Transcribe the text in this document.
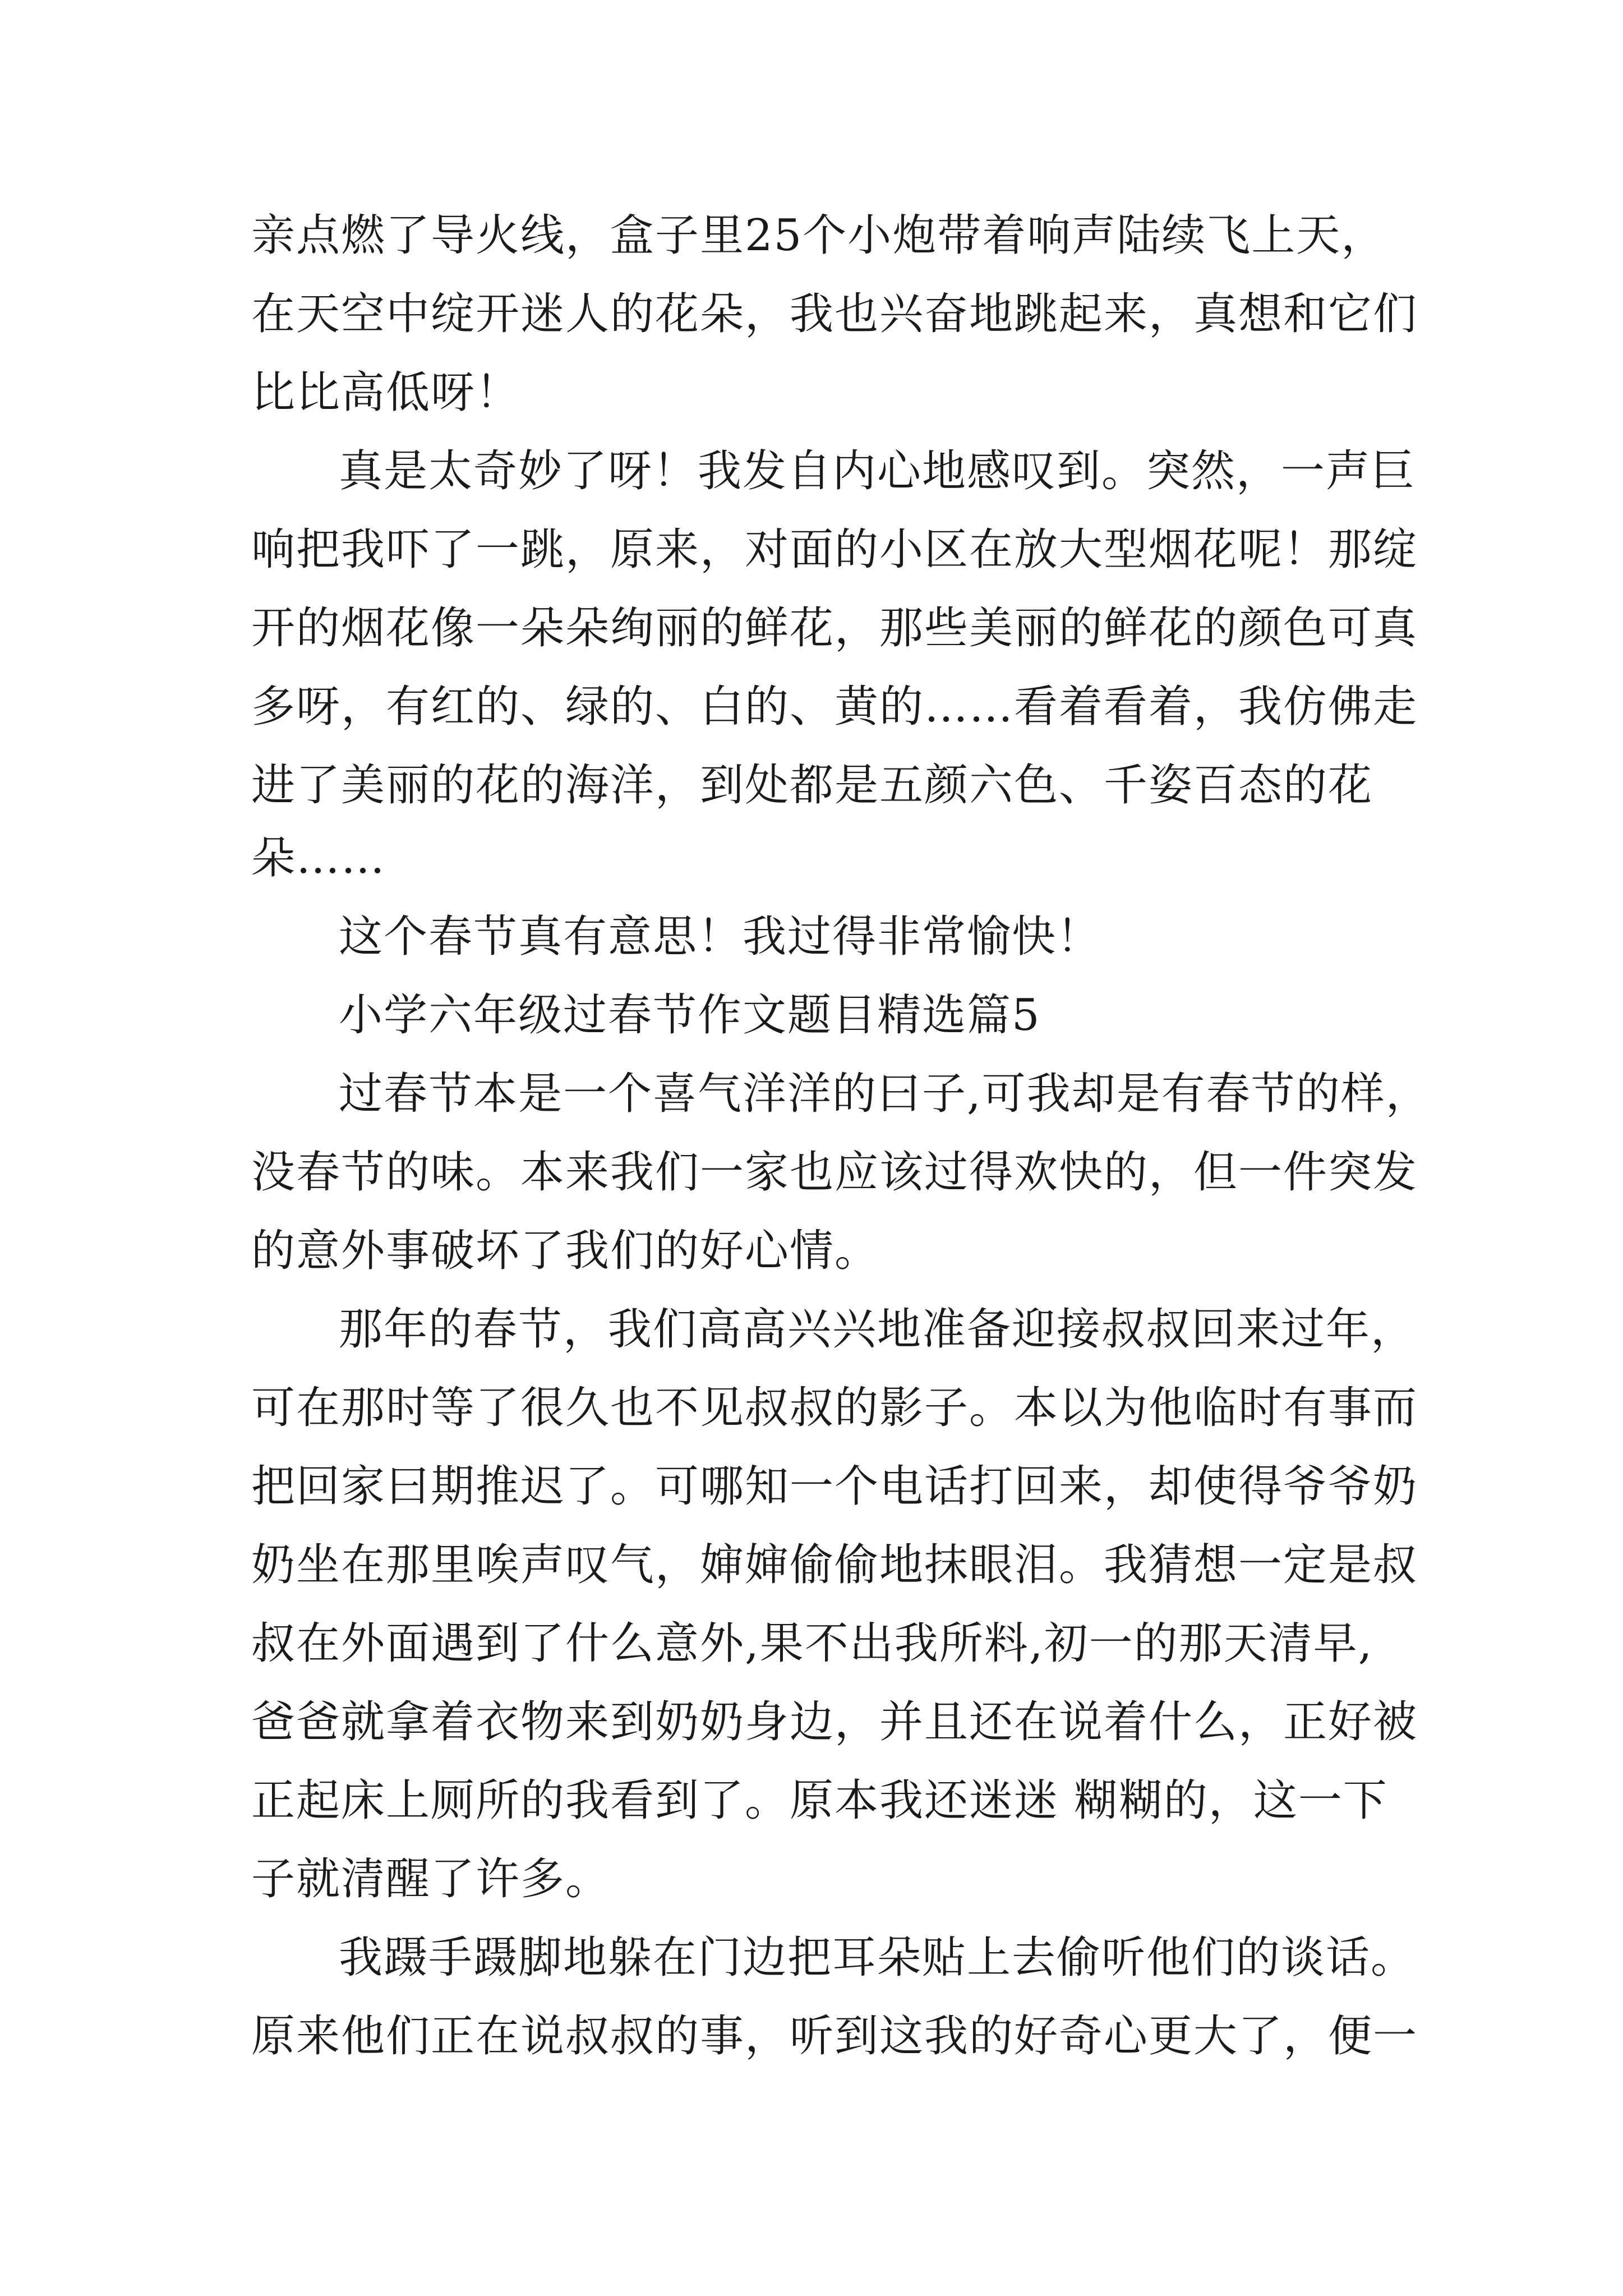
亲点燃了导火线，盒子里25个小炮带着响声陆续飞上天，
在天空中绽开迷人的花朵，我也兴奋地跳起来，真想和它们
比比高低呀！
真是太奇妙了呀！我发自内心地感叹到。突然，一声巨
响把我吓了一跳，原来，对面的小区在放大型烟花呢！那绽
开的烟花像一朵朵绚丽的鲜花，那些美丽的鲜花的颜色可真
多呀，有红的、绿的、白的、黄的……看着看着，我仿佛走
进了美丽的花的海洋，到处都是五颜六色、千姿百态的花
朵……
这个春节真有意思！我过得非常愉快！
小学六年级过春节作文题目精选篇5
过春节本是一个喜气洋洋的曰子,可我却是有春节的样，
没春节的味。本来我们一家也应该过得欢快的，但一件突发
的意外事破坏了我们的好心情。
那年的春节，我们高高兴兴地准备迎接叔叔回来过年，
可在那时等了很久也不见叔叔的影子。本以为他临时有事而
把回家曰期推迟了。可哪知一个电话打回来，却使得爷爷奶
奶坐在那里唉声叹气，婶婶偷偷地抹眼泪。我猜想一定是叔
叔在外面遇到了什么意外,果不出我所料,初一的那天清早,
爸爸就拿着衣物来到奶奶身边，并且还在说着什么，正好被
正起床上厕所的我看到了。原本我还迷迷 糊糊的，这一下
子就清醒了许多。
我蹑手蹑脚地躲在门边把耳朵贴上去偷听他们的谈话。
原来他们正在说叔叔的事，听到这我的好奇心更大了，便一
